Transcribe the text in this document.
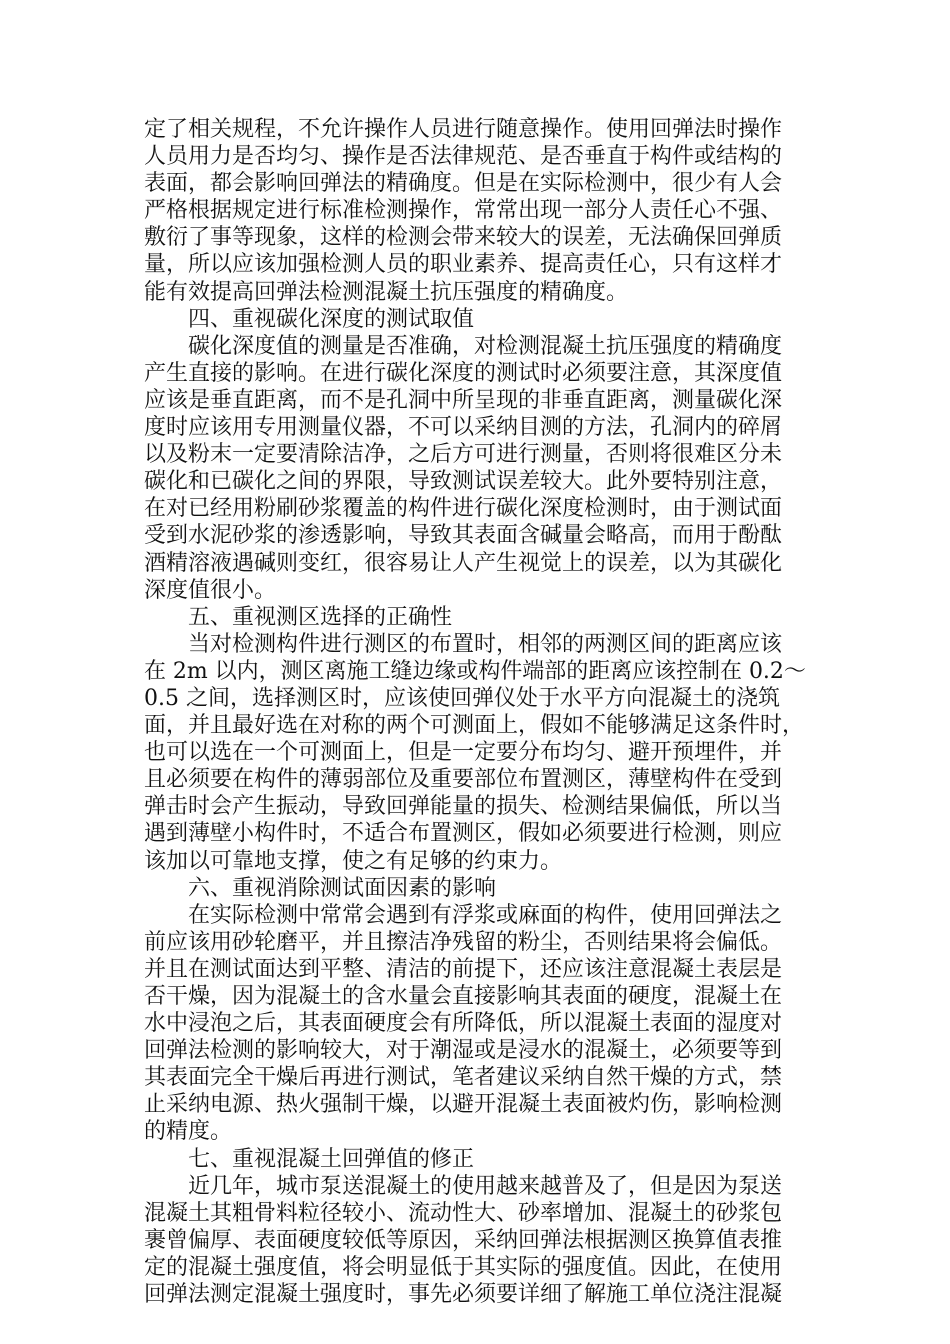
定了相关规程，不允许操作人员进行随意操作。使用回弹法时操作
人员用力是否均匀、操作是否法律规范、是否垂直于构件或结构的
表面，都会影响回弹法的精确度。但是在实际检测中，很少有人会
严格根据规定进行标准检测操作，常常出现一部分人责任心不强、
敷衍了事等现象，这样的检测会带来较大的误差，无法确保回弹质
量，所以应该加强检测人员的职业素养、提高责任心，只有这样才
能有效提高回弹法检测混凝土抗压强度的精确度。
四、重视碳化深度的测试取值
碳化深度值的测量是否准确，对检测混凝土抗压强度的精确度
产生直接的影响。在进行碳化深度的测试时必须要注意，其深度值
应该是垂直距离，而不是孔洞中所呈现的非垂直距离，测量碳化深
度时应该用专用测量仪器，不可以采纳目测的方法，孔洞内的碎屑
以及粉末一定要清除洁净，之后方可进行测量，否则将很难区分未
碳化和已碳化之间的界限，导致测试误差较大。此外要特别注意，
在对已经用粉刷砂浆覆盖的构件进行碳化深度检测时，由于测试面
受到水泥砂浆的渗透影响，导致其表面含碱量会略高，而用于酚酞
酒精溶液遇碱则变红，很容易让人产生视觉上的误差，以为其碳化
深度值很小。
五、重视测区选择的正确性
当对检测构件进行测区的布置时，相邻的两测区间的距离应该
在 2m 以内，测区离施工缝边缘或构件端部的距离应该控制在 0.2～
0.5 之间，选择测区时，应该使回弹仪处于水平方向混凝土的浇筑
面，并且最好选在对称的两个可测面上，假如不能够满足这条件时，
也可以选在一个可测面上，但是一定要分布均匀、避开预埋件，并
且必须要在构件的薄弱部位及重要部位布置测区，薄壁构件在受到
弹击时会产生振动，导致回弹能量的损失、检测结果偏低，所以当
遇到薄壁小构件时，不适合布置测区，假如必须要进行检测，则应
该加以可靠地支撑，使之有足够的约束力。
六、重视消除测试面因素的影响
在实际检测中常常会遇到有浮浆或麻面的构件，使用回弹法之
前应该用砂轮磨平，并且擦洁净残留的粉尘，否则结果将会偏低。
并且在测试面达到平整、清洁的前提下，还应该注意混凝土表层是
否干燥，因为混凝土的含水量会直接影响其表面的硬度，混凝土在
水中浸泡之后，其表面硬度会有所降低，所以混凝土表面的湿度对
回弹法检测的影响较大，对于潮湿或是浸水的混凝土，必须要等到
其表面完全干燥后再进行测试，笔者建议采纳自然干燥的方式，禁
止采纳电源、热火强制干燥，以避开混凝土表面被灼伤，影响检测
的精度。
七、重视混凝土回弹值的修正
近几年，城市泵送混凝土的使用越来越普及了，但是因为泵送
混凝土其粗骨料粒径较小、流动性大、砂率增加、混凝土的砂浆包
裹曾偏厚、表面硬度较低等原因，采纳回弹法根据测区换算值表推
定的混凝土强度值，将会明显低于其实际的强度值。因此，在使用
回弹法测定混凝土强度时，事先必须要详细了解施工单位浇注混凝
